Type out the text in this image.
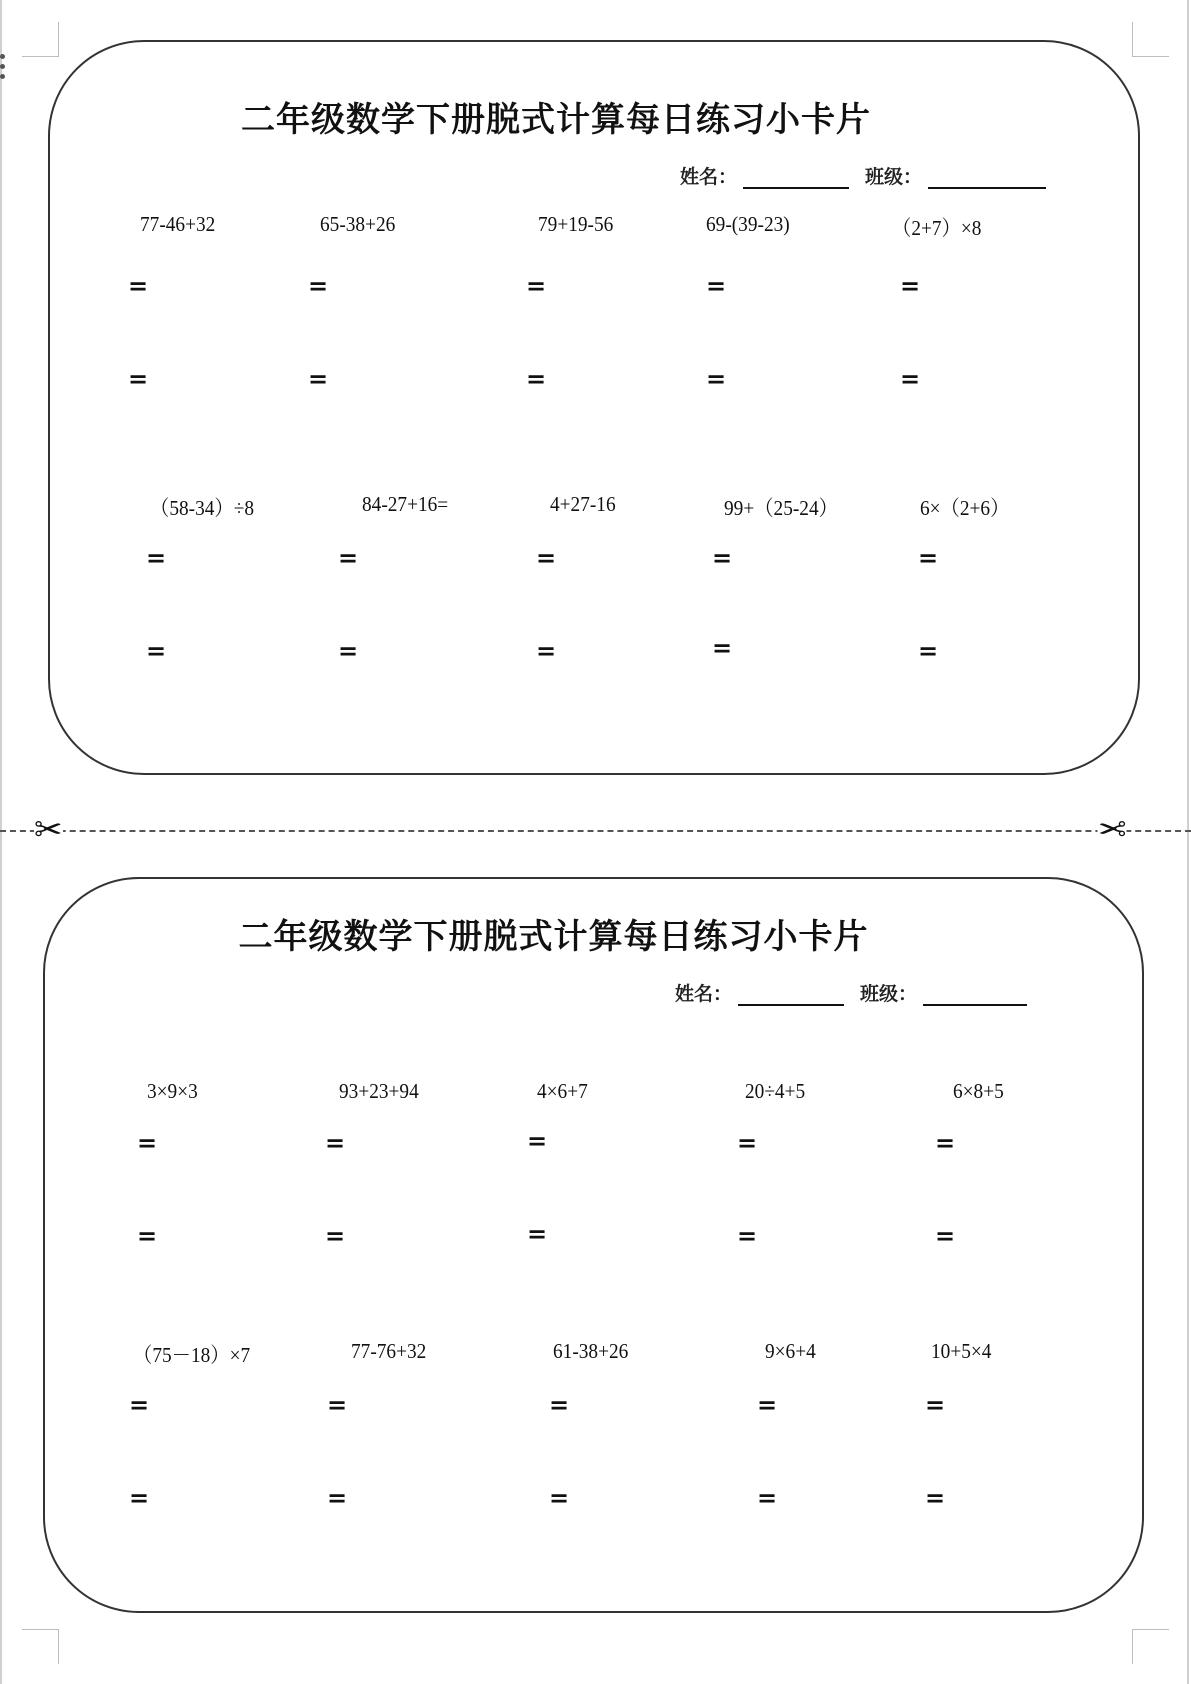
二年级数学下册脱式计算每日练习小卡片
姓名：	班级：
77-46+32	65-38+26	79+19-56	69-(39-23)	（2+7）×8
=	=	=	=	=
=	=	=	=	=
（58-34）÷8	84-27+16=	4+27-16	99+（25-24）	6×（2+6）
=	=	=	=	=
=	=	=	=	=
✂	✂
二年级数学下册脱式计算每日练习小卡片
姓名：	班级：
3×9×3	93+23+94	4×6+7	20÷4+5	6×8+5
=	=	=	=	=
=	=	=	=	=
（75－18）×7	77-76+32	61-38+26	9×6+4	10+5×4
=	=	=	=	=
=	=	=	=	=
